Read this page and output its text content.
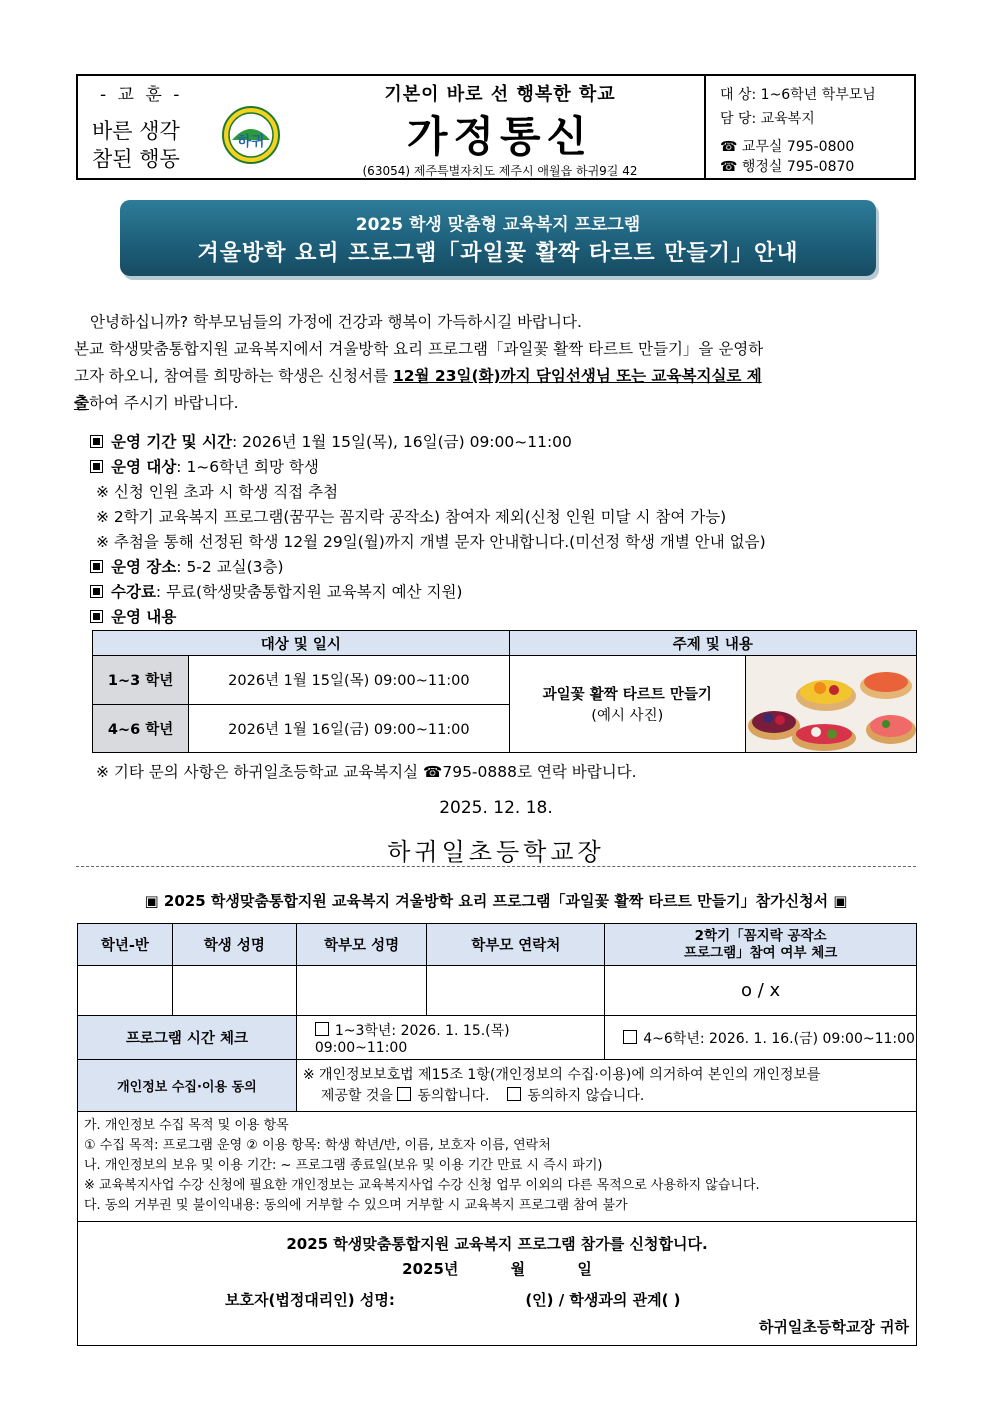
- 교 훈 -
바른 생각
참된 행동
하귀
기본이 바로 선 행복한 학교
가정통신
(63054) 제주특별자치도 제주시 애월읍 하귀9길 42
대 상: 1~6학년 학부모님
담 당: 교육복지
☎ 교무실 795-0800
☎ 행정실 795-0870
2025 학생 맞춤형 교육복지 프로그램
겨울방학 요리 프로그램「과일꽃 활짝 타르트 만들기」안내
안녕하십니까? 학부모님들의 가정에 건강과 행복이 가득하시길 바랍니다.
본교 학생맞춤통합지원 교육복지에서 겨울방학 요리 프로그램「과일꽃 활짝 타르트 만들기」을 운영하
고자 하오니, 참여를 희망하는 학생은 신청서를 12월 23일(화)까지 담임선생님 또는 교육복지실로 제
출하여 주시기 바랍니다.
운영 기간 및 시간: 2026년 1월 15일(목), 16일(금) 09:00~11:00
운영 대상: 1~6학년 희망 학생
※ 신청 인원 초과 시 학생 직접 추첨
※ 2학기 교육복지 프로그램(꿈꾸는 꼼지락 공작소) 참여자 제외(신청 인원 미달 시 참여 가능)
※ 추첨을 통해 선정된 학생 12월 29일(월)까지 개별 문자 안내합니다.(미선정 학생 개별 안내 없음)
운영 장소: 5-2 교실(3층)
수강료: 무료(학생맞춤통합지원 교육복지 예산 지원)
운영 내용
대상 및 일시		주제 및 내용	
1~3 학년	2026년 1월 15일(목) 09:00~11:00	과일꽃 활짝 타르트 만들기
(예시 사진)

4~6 학년	2026년 1월 16일(금) 09:00~11:00		
※ 기타 문의 사항은 하귀일초등학교 교육복지실 ☎795-0888로 연락 바랍니다.
2025. 12. 18.
하귀일초등학교장
▣ 2025 학생맞춤통합지원 교육복지 겨울방학 요리 프로그램「과일꽃 활짝 타르트 만들기」참가신청서 ▣
학년-반	학생 성명	학부모 성명	학부모 연락처	2학기「꼼지락 공작소
프로그램」참여 여부 체크

				o / x
프로그램 시간 체크		1~3학년: 2026. 1. 15.(목) 09:00~11:00		4~6학년: 2026. 1. 16.(금) 09:00~11:00
개인정보 수집·이용 동의		※ 개인정보보호법 제15조 1항(개인정보의 수집·이용)에 의거하여 본인의 개인정보를
제공할 것을 동의합니다. 동의하지 않습니다.		

가. 개인정보 수집 목적 및 이용 항목
① 수집 목적: 프로그램 운영 ② 이용 항목: 학생 학년/반, 이름, 보호자 이름, 연락처
나. 개인정보의 보유 및 이용 기간: ~ 프로그램 종료일(보유 및 이용 기간 만료 시 즉시 파기)
※ 교육복지사업 수강 신청에 필요한 개인정보는 교육복지사업 수강 신청 업무 이외의 다른 목적으로 사용하지 않습니다.
다. 동의 거부권 및 불이익내용: 동의에 거부할 수 있으며 거부할 시 교육복지 프로그램 참여 불가				

2025 학생맞춤통합지원 교육복지 프로그램 참가를 신청합니다.
2025년          월          일
보호자(법정대리인) 성명: (인) / 학생과의 관계( )
하귀일초등학교장 귀하				
